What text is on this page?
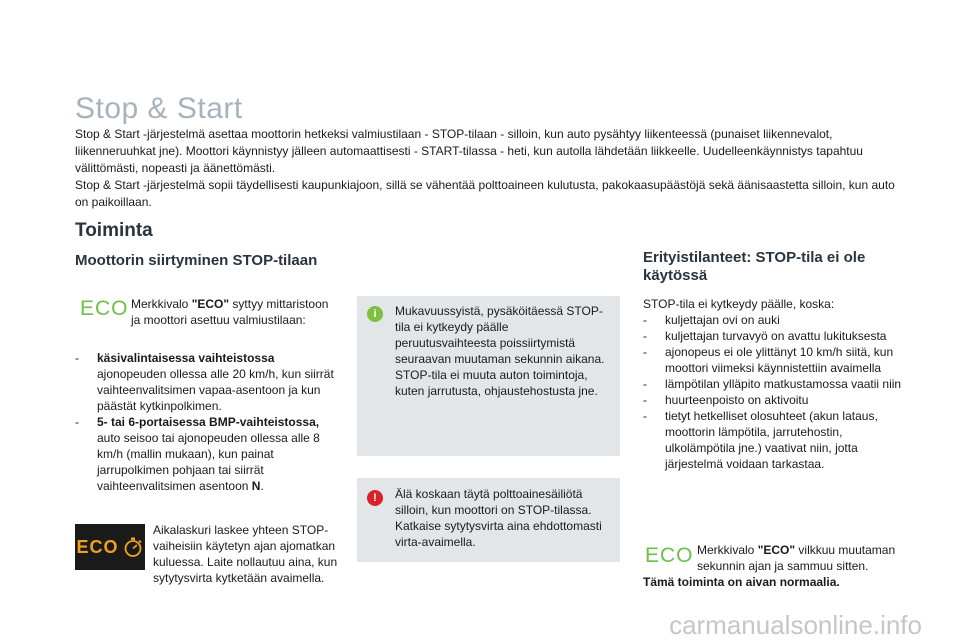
Stop & Start

Stop & Start -järjestelmä asettaa moottorin hetkeksi valmiustilaan - STOP-tilaan - silloin, kun auto pysähtyy liikenteessä (punaiset liikennevalot, liikenneruuhkat jne). Moottori käynnistyy jälleen automaattisesti - START-tilassa - heti, kun autolla lähdetään liikkeelle. Uudelleenkäynnistys tapahtuu välittömästi, nopeasti ja äänettömästi.

Stop & Start -järjestelmä sopii täydellisesti kaupunkiajoon, sillä se vähentää polttoaineen kulutusta, pakokaasupäästöjä sekä äänisaastetta silloin, kun auto on paikoillaan.

Toiminta
Moottorin siirtyminen STOP-tilaan
ECO Merkkivalo "ECO" syttyy mittaristoon ja moottori asettuu valmiustilaan:
-	käsivalintaisessa vaihteistossa
ajonopeuden ollessa alle 20 km/h, kun siirrät vaihteenvalitsimen vapaa-asentoon ja kun päästät kytkinpolkimen.
-	5- tai 6-portaisessa BMP-vaihteistossa,
auto seisoo tai ajonopeuden ollessa alle 8 km/h (mallin mukaan), kun painat jarrupolkimen pohjaan tai siirrät vaihteenvalitsimen asentoon N.
ECO
Aikalaskuri laskee yhteen STOP-vaiheisiin käytetyn ajan ajomatkan kuluessa. Laite nollautuu aina, kun sytytysvirta kytketään avaimella.
i	Mukavuussyistä, pysäköitäessä STOP-tila ei kytkeydy päälle peruutusvaihteesta poissiirtymistä seuraavan muutaman sekunnin aikana. STOP-tila ei muuta auton toimintoja, kuten jarrutusta, ohjaustehostusta jne.
!	Älä koskaan täytä polttoainesäiliötä silloin, kun moottori on STOP-tilassa. Katkaise sytytysvirta aina ehdottomasti virta-avaimella.
Erityistilanteet: STOP-tila ei ole käytössä
STOP-tila ei kytkeydy päälle, koska:
-	kuljettajan ovi on auki
-	kuljettajan turvavyö on avattu lukituksesta
-	ajonopeus ei ole ylittänyt 10 km/h siitä, kun moottori viimeksi käynnistettiin avaimella
-	lämpötilan ylläpito matkustamossa vaatii niin
-	huurteenpoisto on aktivoitu
-	tietyt hetkelliset olosuhteet (akun lataus, moottorin lämpötila, jarrutehostin, ulkolämpötila jne.) vaativat niin, jotta järjestelmä voidaan tarkastaa.
ECO Merkkivalo "ECO" vilkkuu muutaman sekunnin ajan ja sammuu sitten.
Tämä toiminta on aivan normaalia.
carmanualsonline.info
